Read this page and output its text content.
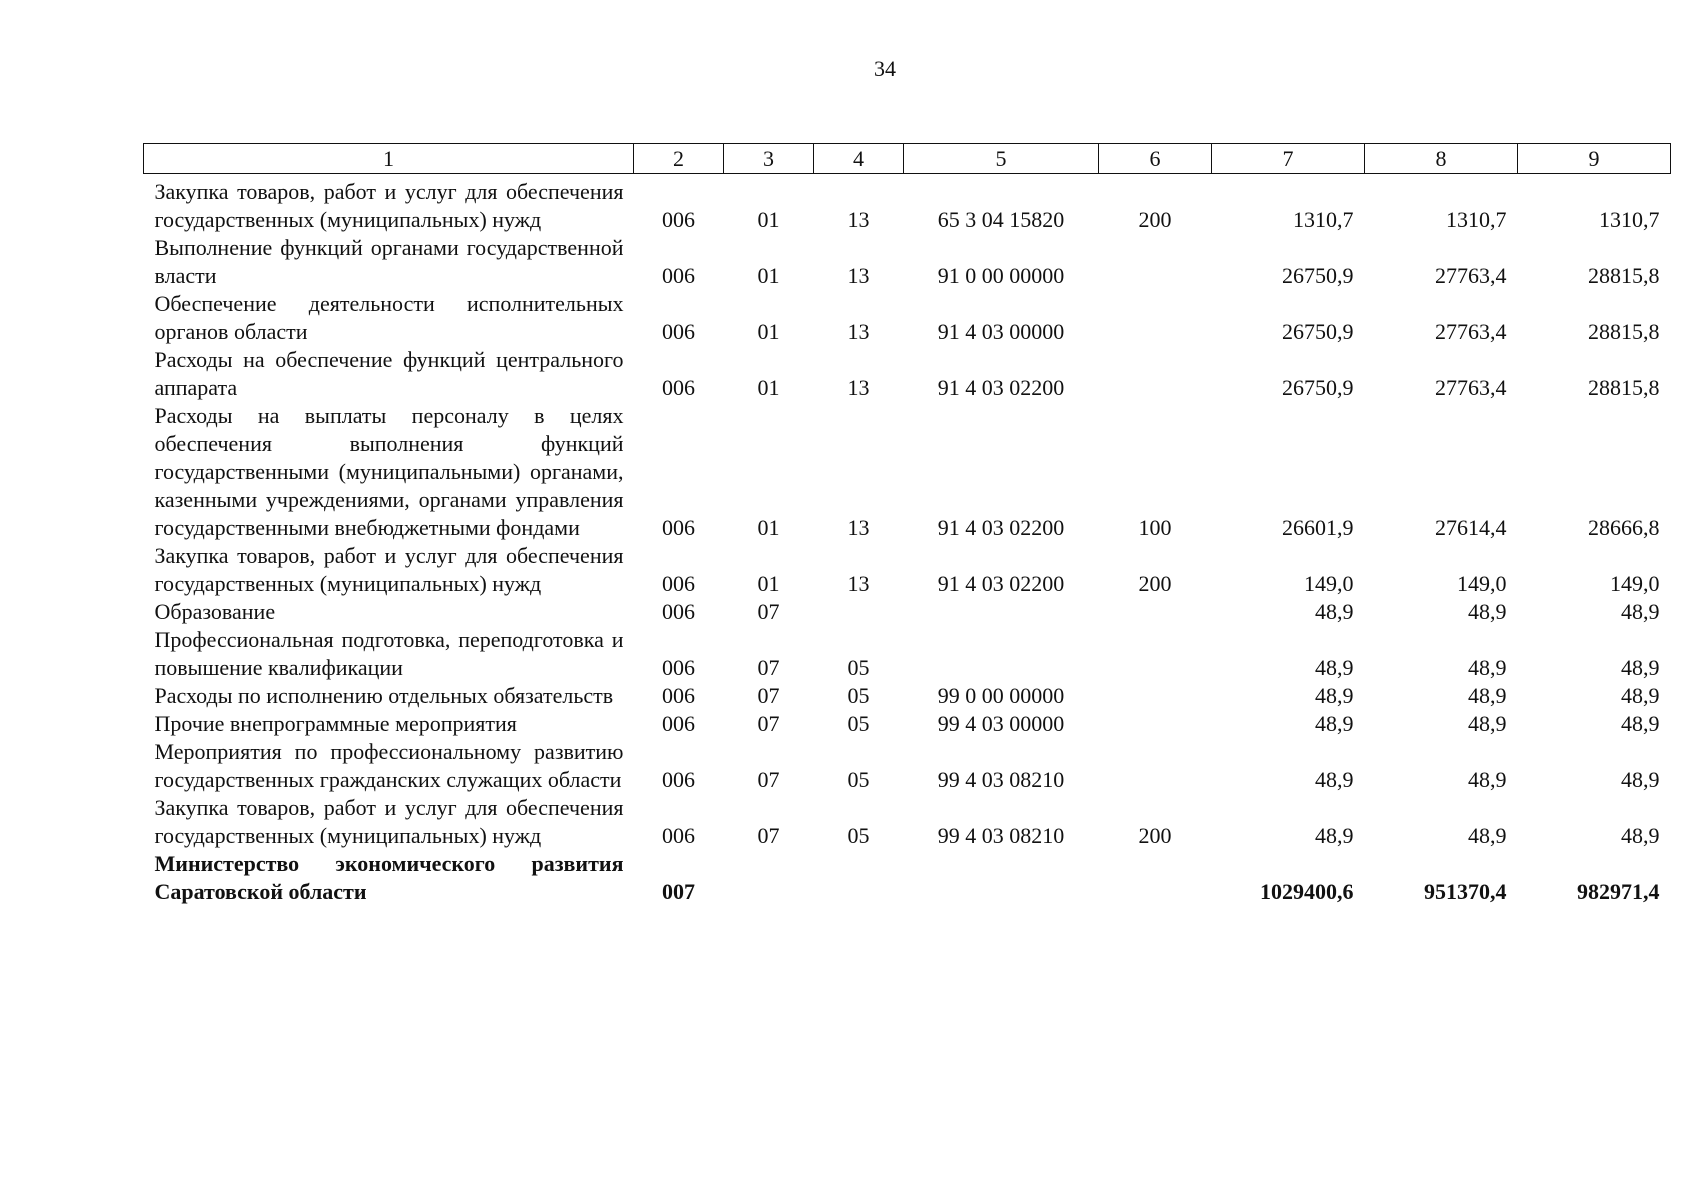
34
1	2	3	4	5	6	7	8	9

Закупка товаров, работ и услуг для обеспечения государственных (муниципальных) нужд	006	01	13	65 3 04 15820	200	1310,7	1310,7	1310,7

Выполнение функций органами государственной власти	006	01	13	91 0 00 00000		26750,9	27763,4	28815,8

Обеспечение деятельности исполнительных органов области	006	01	13	91 4 03 00000		26750,9	27763,4	28815,8

Расходы на обеспечение функций центрального аппарата	006	01	13	91 4 03 02200		26750,9	27763,4	28815,8

Расходы на выплаты персоналу в целях обеспечения выполнения функций государственными (муниципальными) органами, казенными учреждениями, органами управления государственными внебюджетными фондами	006	01	13	91 4 03 02200	100	26601,9	27614,4	28666,8

Закупка товаров, работ и услуг для обеспечения государственных (муниципальных) нужд	006	01	13	91 4 03 02200	200	149,0	149,0	149,0

Образование	006	07				48,9	48,9	48,9

Профессиональная подготовка, переподготовка и повышение квалификации	006	07	05			48,9	48,9	48,9

Расходы по исполнению отдельных обязательств	006	07	05	99 0 00 00000		48,9	48,9	48,9

Прочие внепрограммные мероприятия	006	07	05	99 4 03 00000		48,9	48,9	48,9

Мероприятия по профессиональному развитию государственных гражданских служащих области	006	07	05	99 4 03 08210		48,9	48,9	48,9

Закупка товаров, работ и услуг для обеспечения государственных (муниципальных) нужд	006	07	05	99 4 03 08210	200	48,9	48,9	48,9

Министерство экономического развития Саратовской области	007					1029400,6	951370,4	982971,4
